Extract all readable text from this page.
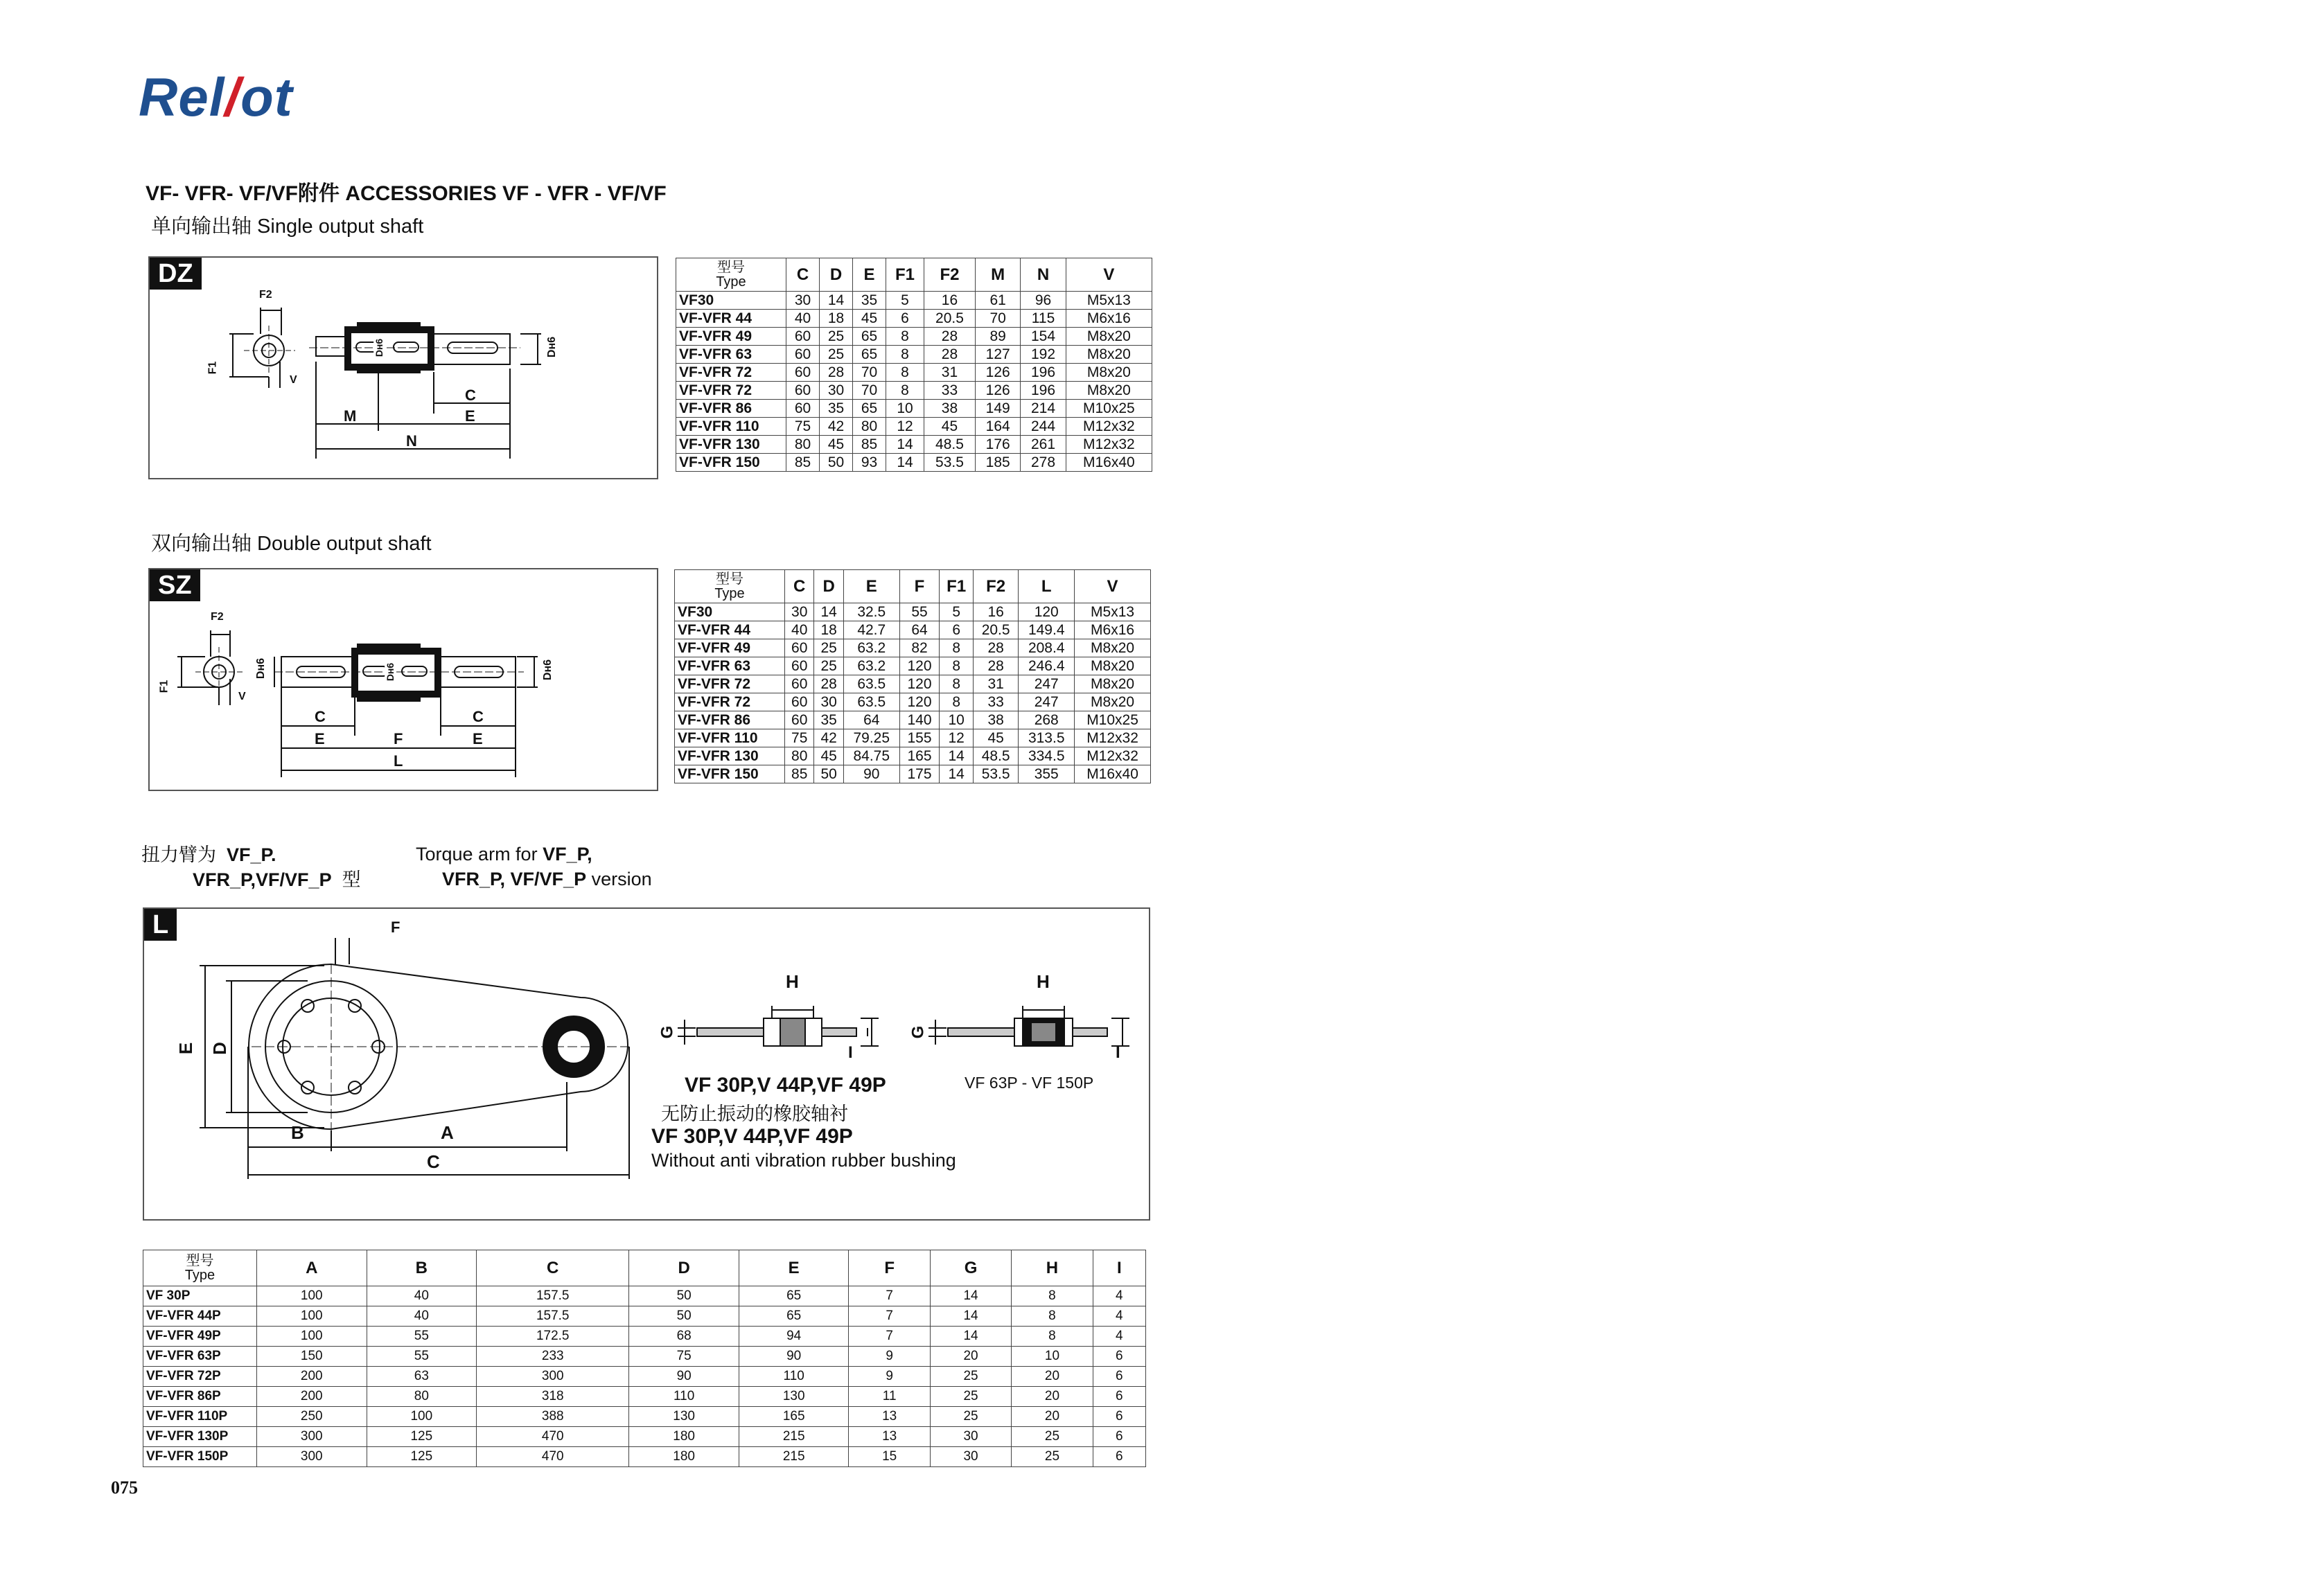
Rel/ot
VF- VFR- VF/VF附件 ACCESSORIES VF - VFR - VF/VF
单向输出轴 Single output shaft
DZ
F2
F1
V
Dн6	Dн6
C
E
M
N
型号
Type	C	D	E	F1	F2	M	N	V
VF30	30	14	35	5	16	61	96	M5x13
VF-VFR 44	40	18	45	6	20.5	70	115	M6x16
VF-VFR 49	60	25	65	8	28	89	154	M8x20
VF-VFR 63	60	25	65	8	28	127	192	M8x20
VF-VFR 72	60	28	70	8	31	126	196	M8x20
VF-VFR 72	60	30	70	8	33	126	196	M8x20
VF-VFR 86	60	35	65	10	38	149	214	M10x25
VF-VFR 110	75	42	80	12	45	164	244	M12x32
VF-VFR 130	80	45	85	14	48.5	176	261	M12x32
VF-VFR 150	85	50	93	14	53.5	185	278	M16x40
双向输出轴 Double output shaft
SZ
F2
F1
V
Dн6	Dн6	Dн6
C	C
E	E
F
L
型号
Type	C	D	E	F	F1	F2	L	V
VF30	30	14	32.5	55	5	16	120	M5x13
VF-VFR 44	40	18	42.7	64	6	20.5	149.4	M6x16
VF-VFR 49	60	25	63.2	82	8	28	208.4	M8x20
VF-VFR 63	60	25	63.2	120	8	28	246.4	M8x20
VF-VFR 72	60	28	63.5	120	8	31	247	M8x20
VF-VFR 72	60	30	63.5	120	8	33	247	M8x20
VF-VFR 86	60	35	64	140	10	38	268	M10x25
VF-VFR 110	75	42	79.25	155	12	45	313.5	M12x32
VF-VFR 130	80	45	84.75	165	14	48.5	334.5	M12x32
VF-VFR 150	85	50	90	175	14	53.5	355	M16x40
扭力臂为 VF_P.
VFR_P,VF/VF_P 型
Torque arm for VF_P,
VFR_P, VF/VF_P version
L	F
E D
B	A
C
H	H
G	G
I	I
VF 30P,V 44P,VF 49P
无防止振动的橡胶轴衬
VF 30P,V 44P,VF 49P
Without anti vibration rubber bushing
VF 63P - VF 150P
型号
Type	A	B	C	D	E	F	G	H	I
VF 30P	100	40	157.5	50	65	7	14	8	4
VF-VFR 44P	100	40	157.5	50	65	7	14	8	4
VF-VFR 49P	100	55	172.5	68	94	7	14	8	4
VF-VFR 63P	150	55	233	75	90	9	20	10	6
VF-VFR 72P	200	63	300	90	110	9	25	20	6
VF-VFR 86P	200	80	318	110	130	11	25	20	6
VF-VFR 110P	250	100	388	130	165	13	25	20	6
VF-VFR 130P	300	125	470	180	215	13	30	25	6
VF-VFR 150P	300	125	470	180	215	15	30	25	6
075
